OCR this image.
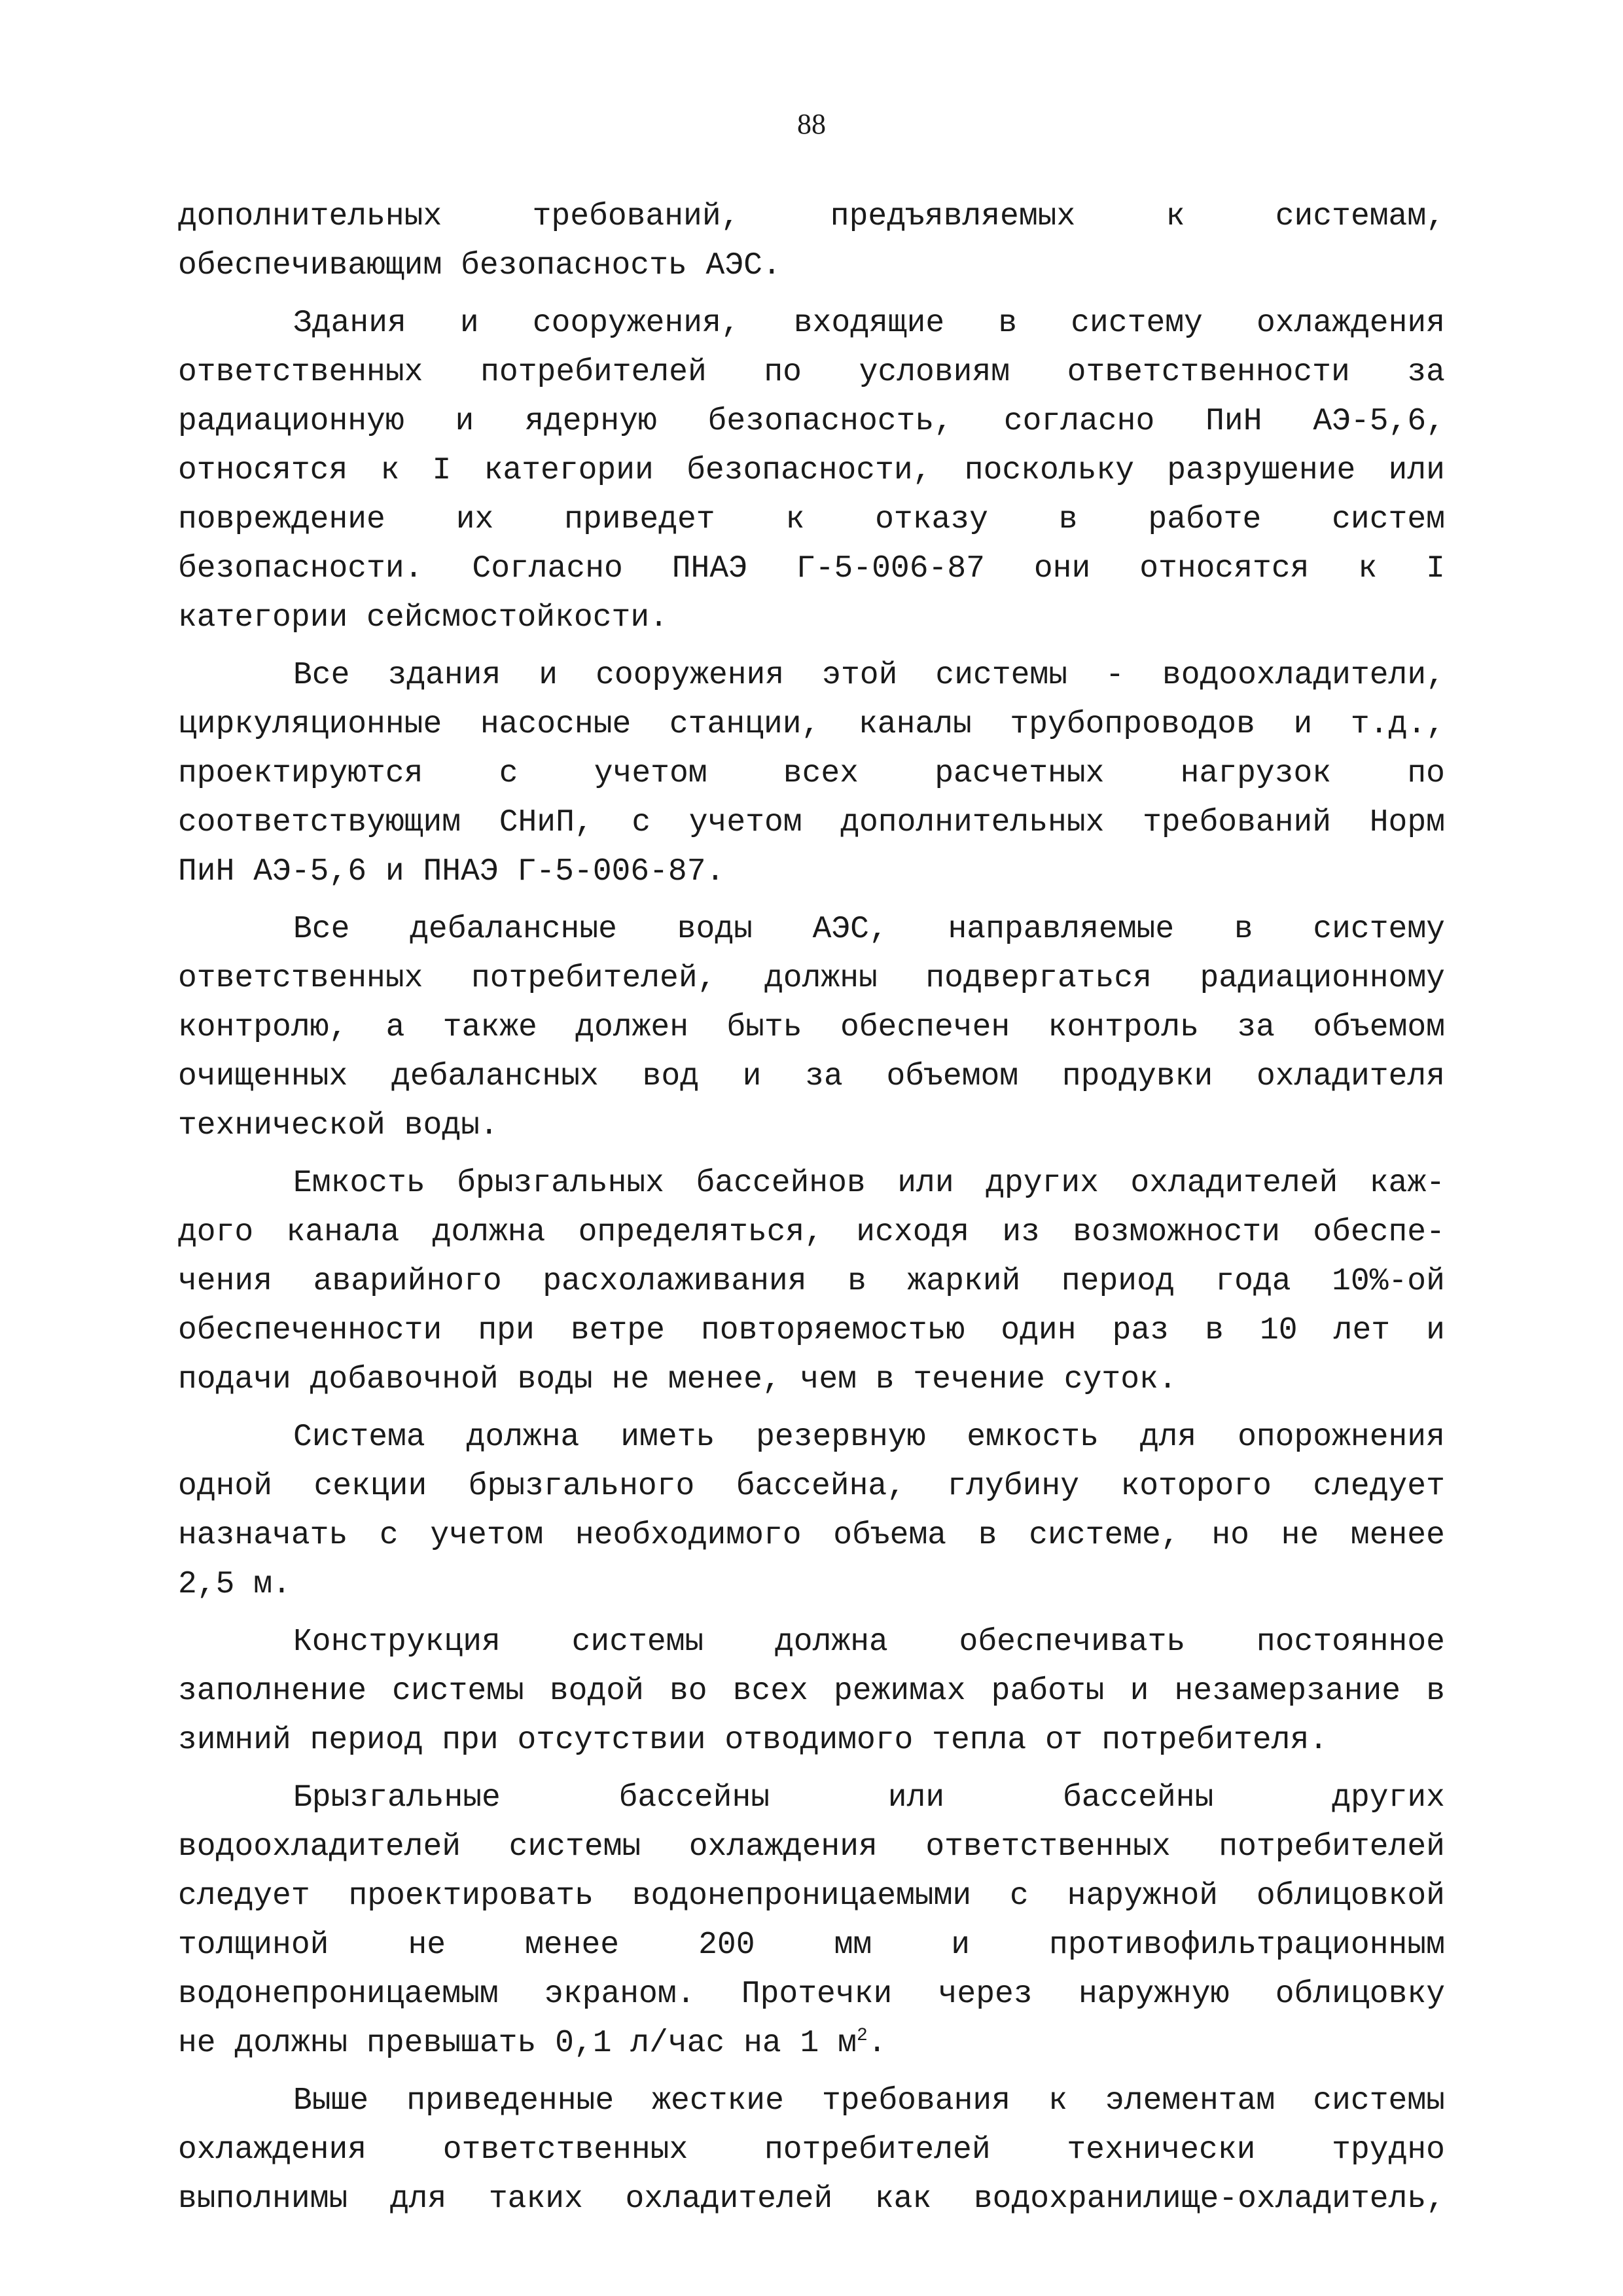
88
дополнительных	требований,	предъявляемых	к	системам,
обеспечивающим безопасность АЭС.
Здания и сооружения, входящие в систему охлаждения
ответственных потребителей по условиям ответственности за
радиационную и ядерную безопасность, согласно ПиН АЭ-5,6,
относятся к I категории безопасности, поскольку разрушение или
повреждение их приведет к отказу в работе систем
безопасности. Согласно ПНАЭ Г-5-006-87 они относятся к I
категории сейсмостойкости.
Все здания и сооружения этой системы - водоохладители,
циркуляционные насосные станции, каналы трубопроводов и т.д.,
проектируются с учетом всех расчетных нагрузок по
соответствующим СНиП, с учетом дополнительных требований Норм
ПиН АЭ-5,6 и ПНАЭ Г-5-006-87.
Все дебалансные воды АЭС, направляемые в систему
ответственных потребителей, должны подвергаться радиационному
контролю, а также должен быть обеспечен контроль за объемом
очищенных дебалансных вод и за объемом продувки охладителя
технической воды.
Емкость брызгальных бассейнов или других охладителей каж-
дого канала должна определяться, исходя из возможности обеспе-
чения аварийного расхолаживания в жаркий период года 10%-ой
обеспеченности при ветре повторяемостью один раз в 10 лет и
подачи добавочной воды не менее, чем в течение суток.
Система должна иметь резервную емкость для опорожнения
одной секции брызгального бассейна, глубину которого следует
назначать с учетом необходимого объема в системе, но не менее
2,5 м.
Конструкция системы должна обеспечивать постоянное
заполнение системы водой во всех режимах работы и незамерзание в
зимний период при отсутствии отводимого тепла от потребителя.
Брызгальные	бассейны	или	бассейны	других
водоохладителей системы охлаждения ответственных потребителей
следует проектировать водонепроницаемыми с наружной облицовкой
толщиной	не	менее	200	мм	и	противофильтрационным
водонепроницаемым экраном. Протечки через наружную облицовку
не должны превышать 0,1 л/час на 1 $м^2$.
Выше приведенные жесткие требования к элементам системы
охлаждения ответственных потребителей технически трудно
выполнимы для таких охладителей как водохранилище-охладитель,
